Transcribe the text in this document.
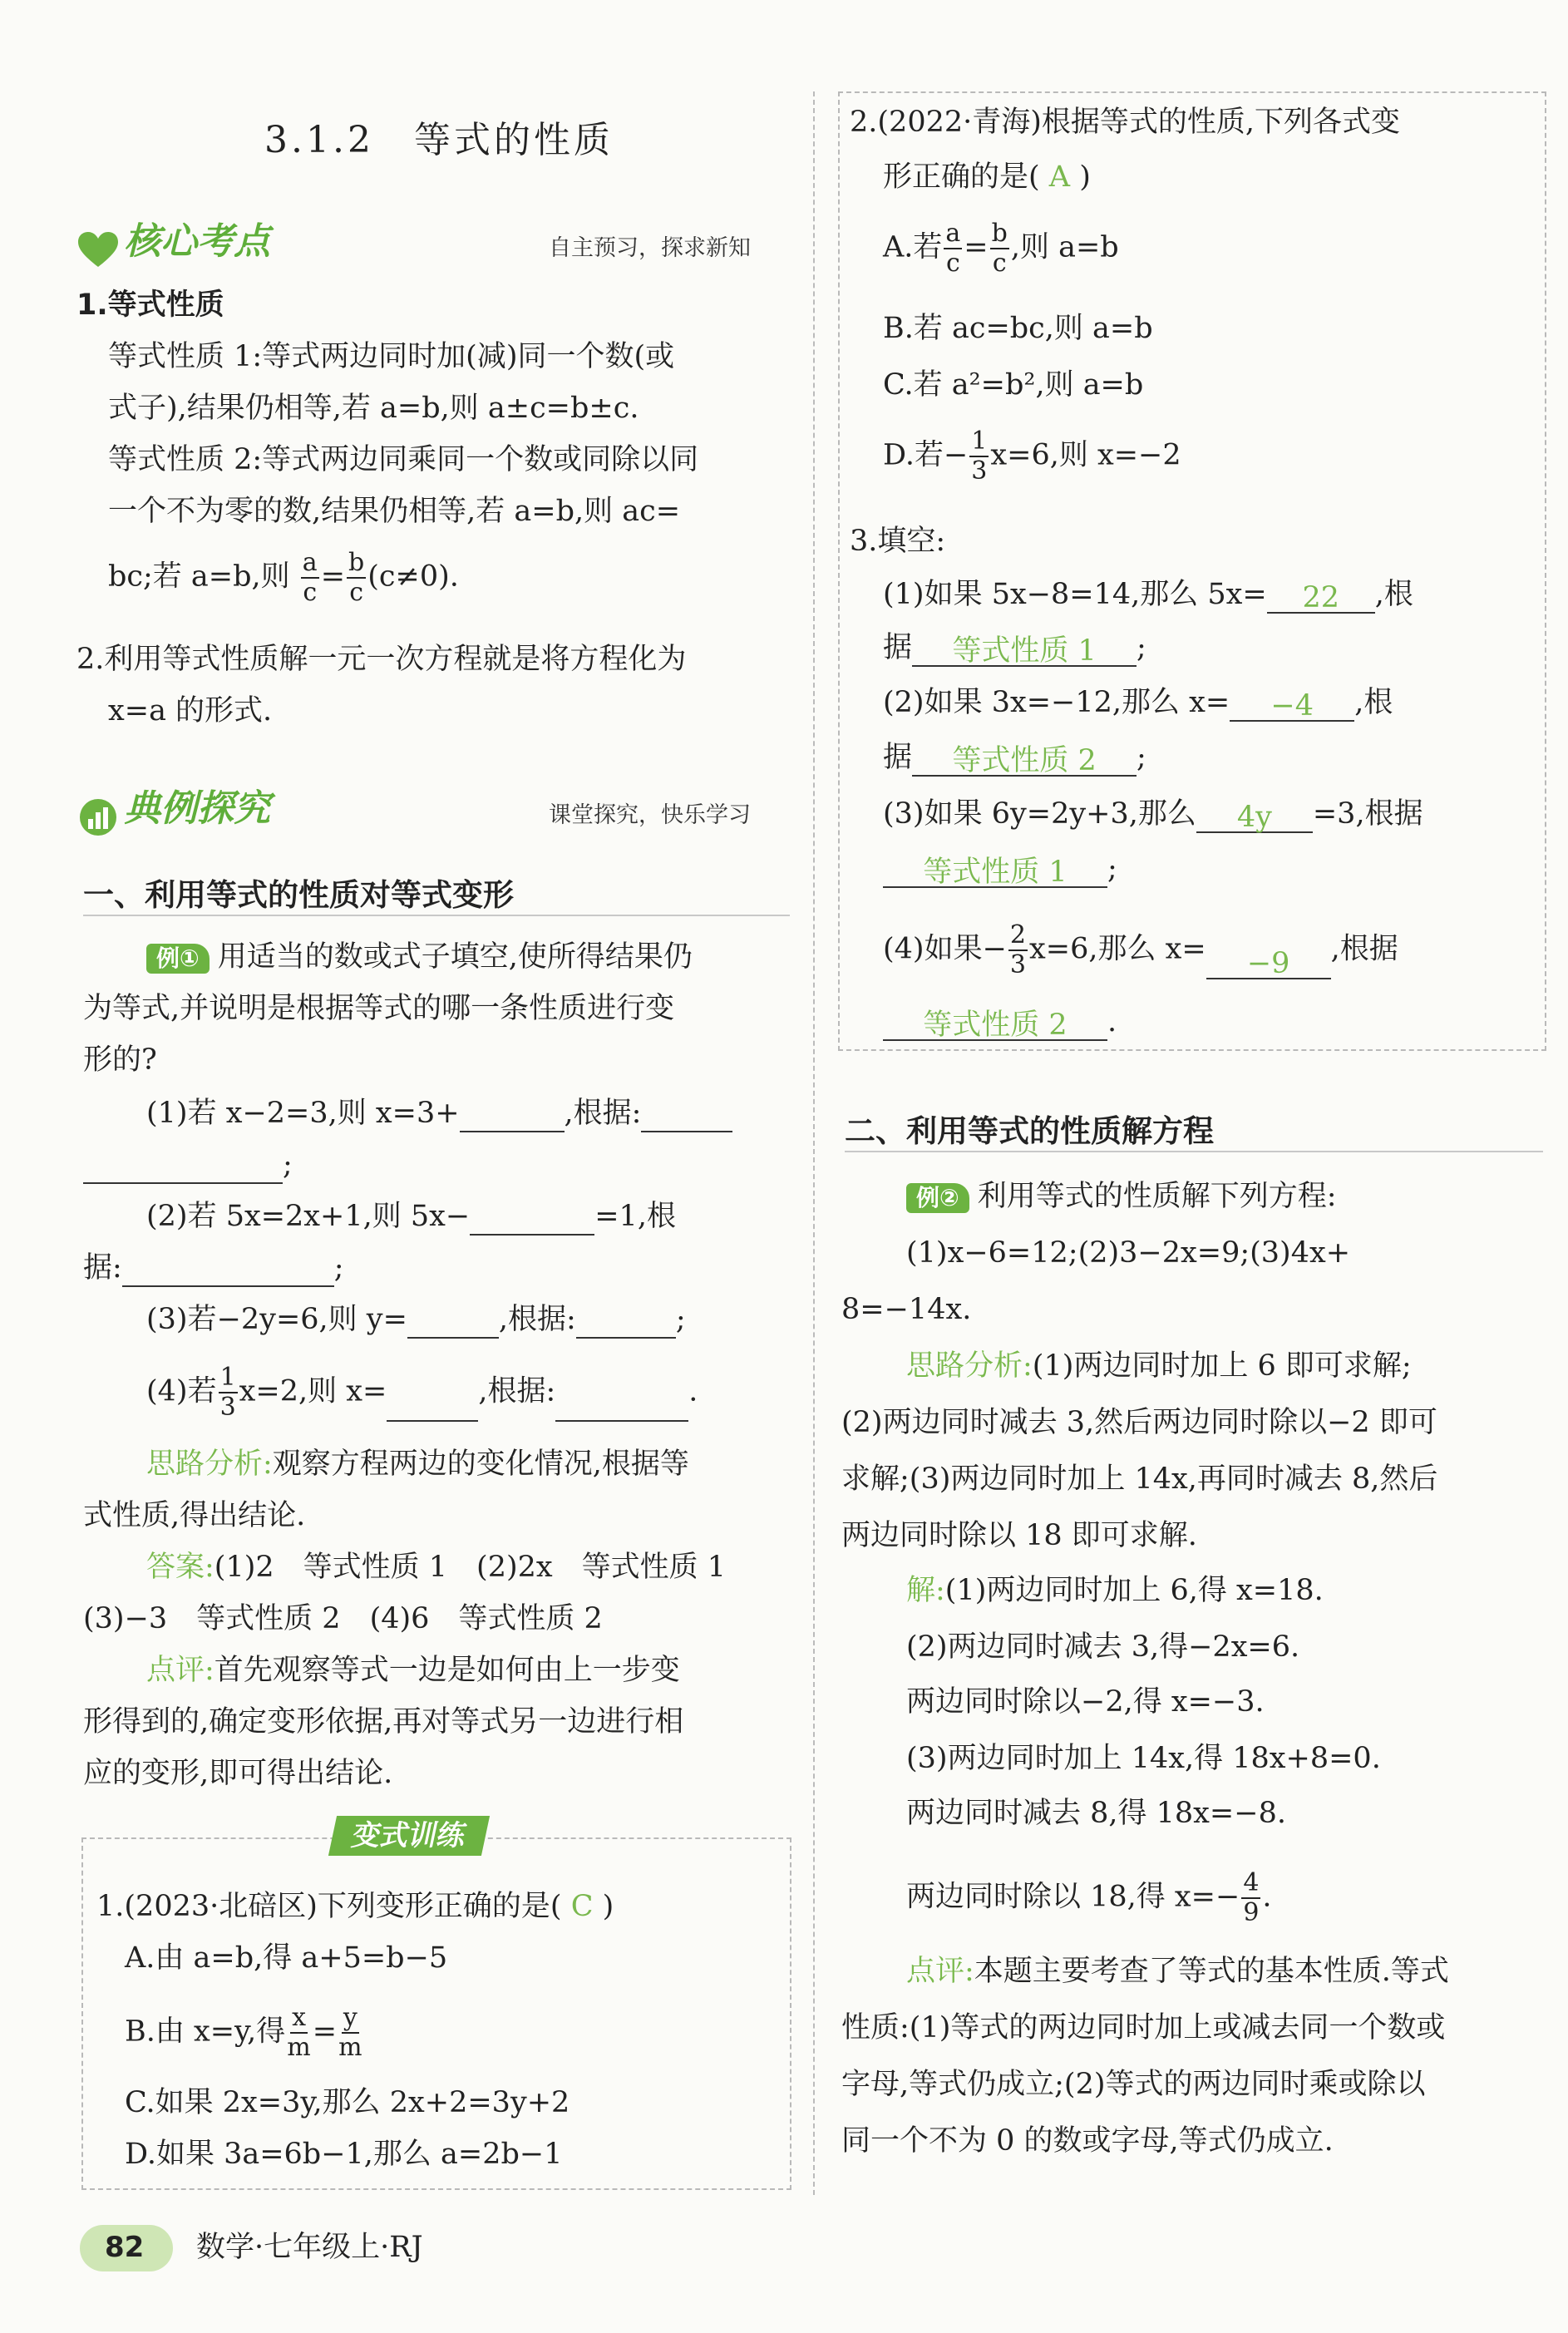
3.1.2　等式的性质
核心考点	自主预习，探求新知
1.等式性质
等式性质 1:等式两边同时加(减)同一个数(或
式子),结果仍相等,若 a=b,则 a±c=b±c.
等式性质 2:等式两边同乘同一个数或同除以同
一个不为零的数,结果仍相等,若 a=b,则 ac=
bc;若 a=b,则 $\frac{a}{c} = \frac{b}{c} (c\ne 0)$.
2.利用等式性质解一元一次方程就是将方程化为
x=a 的形式.
典例探究	课堂探究，快乐学习
一、利用等式的性质对等式变形
例① 用适当的数或式子填空,使所得结果仍
为等式,并说明是根据等式的哪一条性质进行变
形的?
(1)若 x−2=3,则 x=3+	,根据:
;
(2)若 5x=2x+1,则 5x−	=1,根
据:	;
(3)若−2y=6,则 y=	,根据:	;
(4)若 $\frac{1}{3} x=2$,则 x=	,根据:	.
思路分析:观察方程两边的变化情况,根据等
式性质,得出结论.
答案:(1)2　等式性质 1　(2)2x　等式性质 1
(3)−3　等式性质 2　(4)6　等式性质 2
点评:首先观察等式一边是如何由上一步变
形得到的,确定变形依据,再对等式另一边进行相
应的变形,即可得出结论.
变式训练
1.(2023·北碚区)下列变形正确的是( C )
A.由 a=b,得 a+5=b−5
B.由 x=y,得 $\frac{x}{m} = \frac{y}{m}$
C.如果 2x=3y,那么 2x+2=3y+2
D.如果 3a=6b−1,那么 a=2b−1
2.(2022·青海)根据等式的性质,下列各式变
形正确的是( A )
A.若 $\frac{a}{c} = \frac{b}{c}$ ,则 a=b
B.若 ac=bc,则 a=b
C.若 a²=b²,则 a=b
D.若− $\frac{1}{3} x=6$,则 x=−2
3.填空:
(1)如果 5x−8=14,那么 5x= 22 ,根
据 等式性质 1 ;
(2)如果 3x=−12,那么 x= −4 ,根
据 等式性质 2 ;
(3)如果 6y=2y+3,那么 4y =3,根据
等式性质 1 ;
(4)如果− $\frac{2}{3} x=6$,那么 x= −9 ,根据
等式性质 2 .
二、利用等式的性质解方程
例② 利用等式的性质解下列方程:
(1)x−6=12;(2)3−2x=9;(3)4x+
8=−14x.
思路分析:(1)两边同时加上 6 即可求解;
(2)两边同时减去 3,然后两边同时除以−2 即可
求解;(3)两边同时加上 14x,再同时减去 8,然后
两边同时除以 18 即可求解.
解:(1)两边同时加上 6,得 x=18.
(2)两边同时减去 3,得−2x=6.
两边同时除以−2,得 x=−3.
(3)两边同时加上 14x,得 18x+8=0.
两边同时减去 8,得 18x=−8.
两边同时除以 18,得 $x=- \frac{4}{9}$ .
点评:本题主要考查了等式的基本性质.等式
性质:(1)等式的两边同时加上或减去同一个数或
字母,等式仍成立;(2)等式的两边同时乘或除以
同一个不为 0 的数或字母,等式仍成立.
82 数学·七年级上·RJ
